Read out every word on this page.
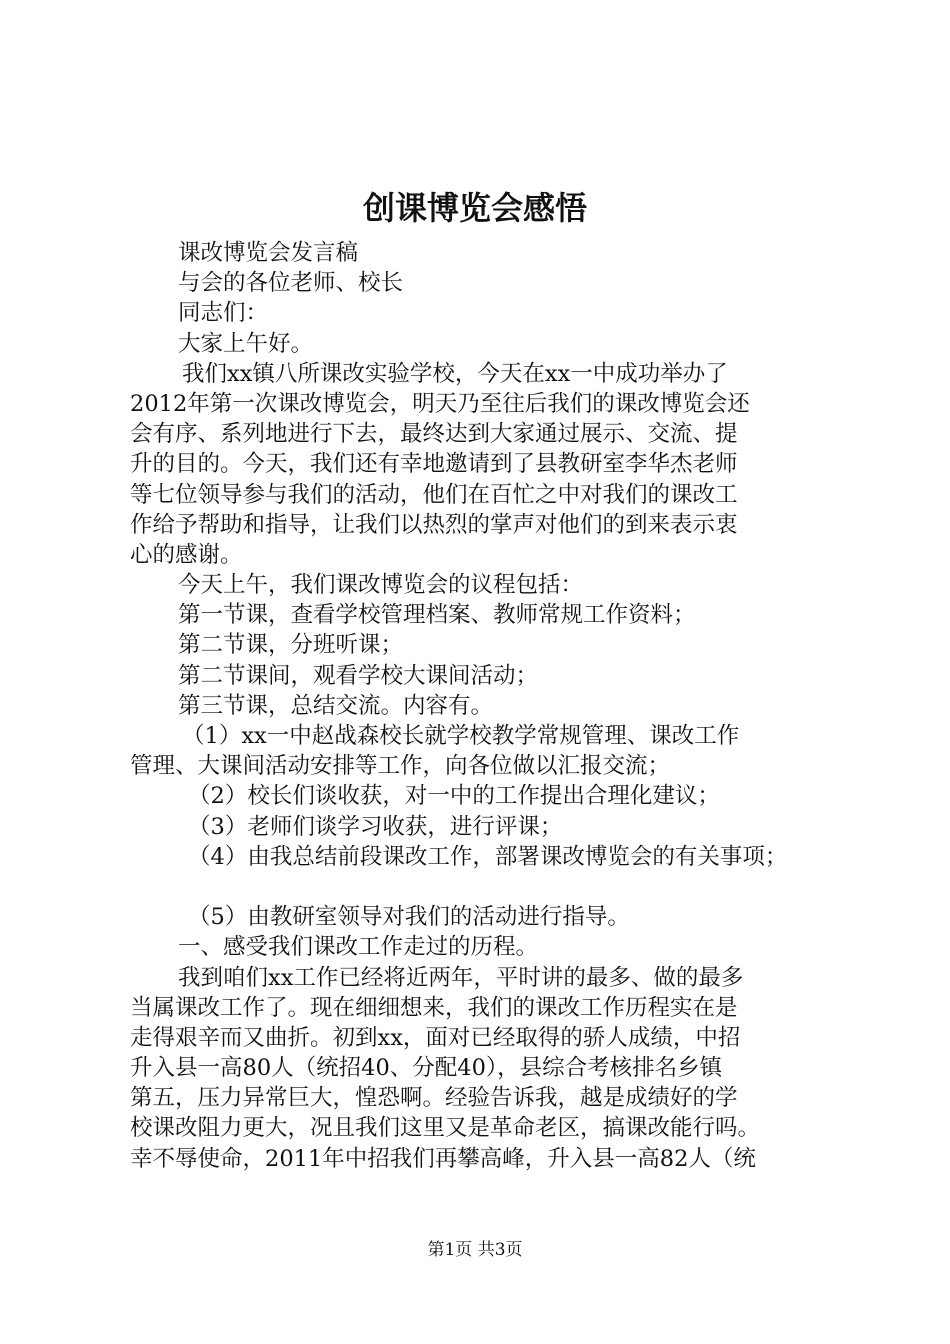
创课博览会感悟
课改博览会发言稿
与会的各位老师、校长
同志们：
大家上午好。
我们xx镇八所课改实验学校，今天在xx一中成功举办了
2012年第一次课改博览会，明天乃至往后我们的课改博览会还
会有序、系列地进行下去，最终达到大家通过展示、交流、提
升的目的。今天，我们还有幸地邀请到了县教研室李华杰老师
等七位领导参与我们的活动，他们在百忙之中对我们的课改工
作给予帮助和指导，让我们以热烈的掌声对他们的到来表示衷
心的感谢。
今天上午，我们课改博览会的议程包括：
第一节课，查看学校管理档案、教师常规工作资料；
第二节课，分班听课；
第二节课间，观看学校大课间活动；
第三节课，总结交流。内容有。
（1）xx一中赵战森校长就学校教学常规管理、课改工作
管理、大课间活动安排等工作，向各位做以汇报交流；
（2）校长们谈收获，对一中的工作提出合理化建议；
（3）老师们谈学习收获，进行评课；
（4）由我总结前段课改工作，部署课改博览会的有关事项；
（5）由教研室领导对我们的活动进行指导。
一、感受我们课改工作走过的历程。
我到咱们xx工作已经将近两年，平时讲的最多、做的最多
当属课改工作了。现在细细想来，我们的课改工作历程实在是
走得艰辛而又曲折。初到xx，面对已经取得的骄人成绩，中招
升入县一高80人（统招40、分配40），县综合考核排名乡镇
第五，压力异常巨大，惶恐啊。经验告诉我，越是成绩好的学
校课改阻力更大，况且我们这里又是革命老区，搞课改能行吗。
幸不辱使命，2011年中招我们再攀高峰，升入县一高82人（统
第1页 共3页
